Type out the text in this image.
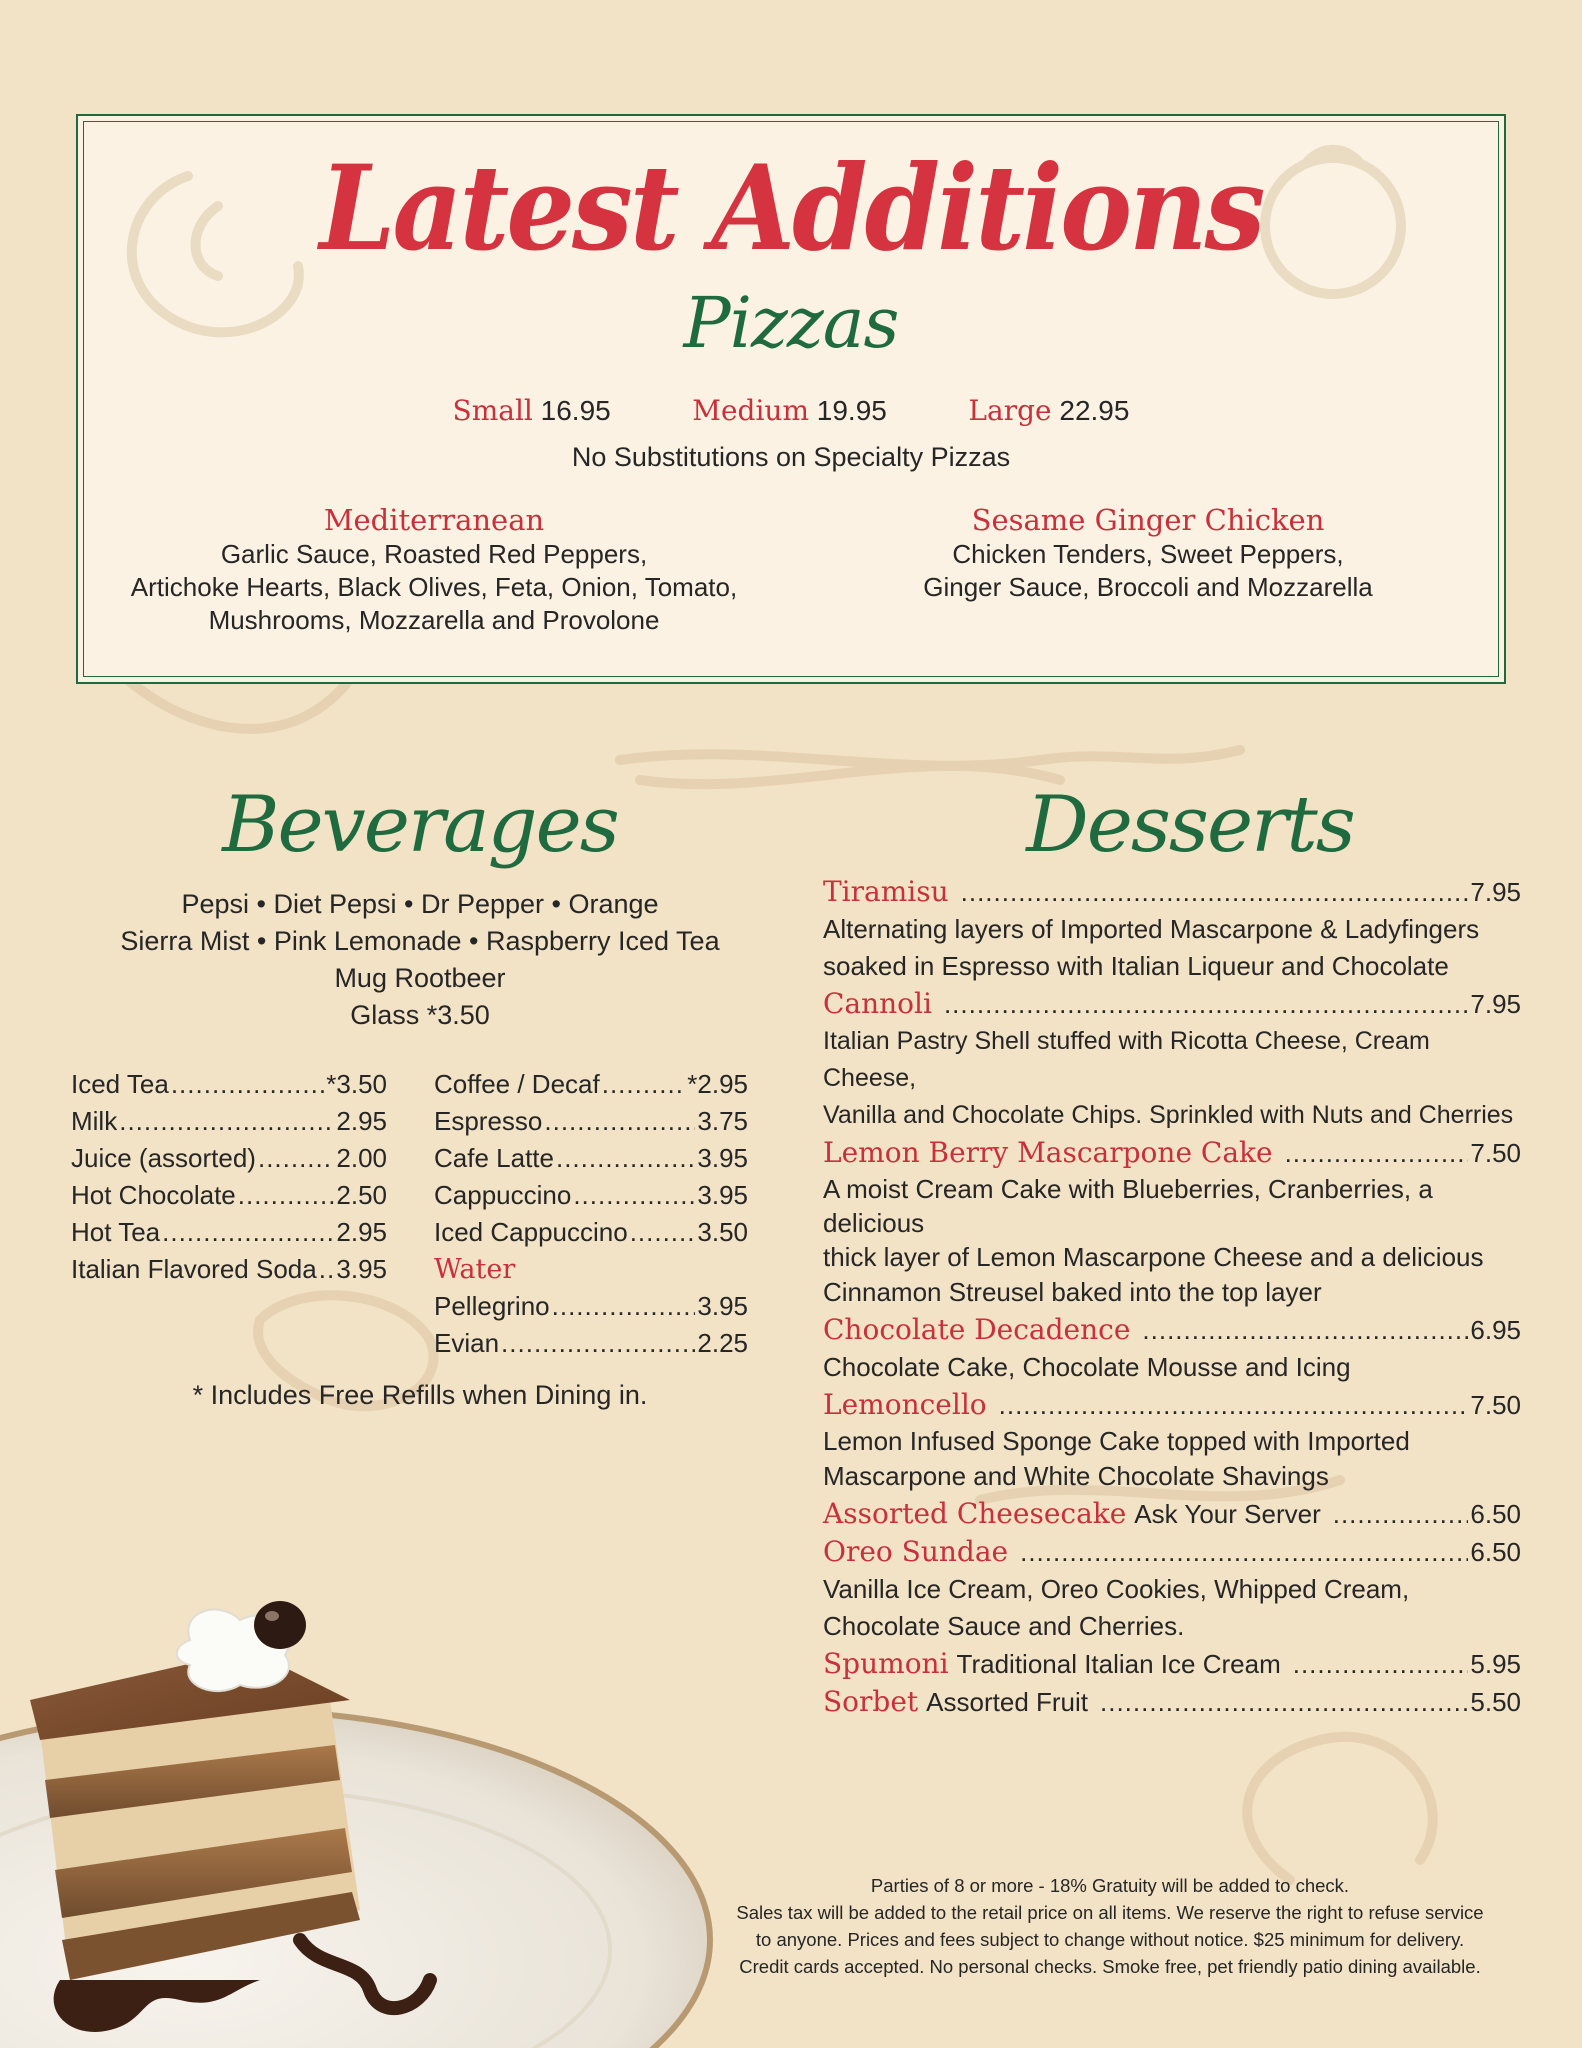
Latest Additions
Pizzas
Small 16.95	Medium 19.95	Large 22.95
No Substitutions on Specialty Pizzas
Mediterranean
Garlic Sauce, Roasted Red Peppers,
Artichoke Hearts, Black Olives, Feta, Onion, Tomato,
Mushrooms, Mozzarella and Provolone
Sesame Ginger Chicken
Chicken Tenders, Sweet Peppers,
Ginger Sauce, Broccoli and Mozzarella
Beverages
Pepsi • Diet Pepsi • Dr Pepper • Orange
Sierra Mist • Pink Lemonade • Raspberry Iced Tea
Mug Rootbeer
Glass *3.50
Iced Tea .....	*3.50
Milk .....	2.95
Juice (assorted) .....	2.00
Hot Chocolate .....	2.50
Hot Tea .....	2.95
Italian Flavored Soda ..... 3.95
Coffee / Decaf .....	*2.95
Espresso .....	3.75
Cafe Latte .....	3.95
Cappuccino .....	3.95
Iced Cappuccino .....	3.50
Water
Pellegrino .....	3.95
Evian .....	2.25
* Includes Free Refills when Dining in.
Desserts
Tiramisu .....	7.95
Alternating layers of Imported Mascarpone & Ladyfingers
soaked in Espresso with Italian Liqueur and Chocolate
Cannoli .....	7.95
Italian Pastry Shell stuffed with Ricotta Cheese, Cream Cheese,
Vanilla and Chocolate Chips. Sprinkled with Nuts and Cherries
Lemon Berry Mascarpone Cake .....	7.50
A moist Cream Cake with Blueberries, Cranberries, a delicious
thick layer of Lemon Mascarpone Cheese and a delicious
Cinnamon Streusel baked into the top layer
Chocolate Decadence .....	6.95
Chocolate Cake, Chocolate Mousse and Icing
Lemoncello .....	7.50
Lemon Infused Sponge Cake topped with Imported
Mascarpone and White Chocolate Shavings
Assorted Cheesecake Ask Your Server .....	6.50
Oreo Sundae .....	6.50
Vanilla Ice Cream, Oreo Cookies, Whipped Cream,
Chocolate Sauce and Cherries.
Spumoni Traditional Italian Ice Cream .....	5.95
Sorbet Assorted Fruit .....	5.50
Parties of 8 or more - 18% Gratuity will be added to check.
Sales tax will be added to the retail price on all items. We reserve the right to refuse service
to anyone. Prices and fees subject to change without notice. $25 minimum for delivery.
Credit cards accepted. No personal checks. Smoke free, pet friendly patio dining available.
